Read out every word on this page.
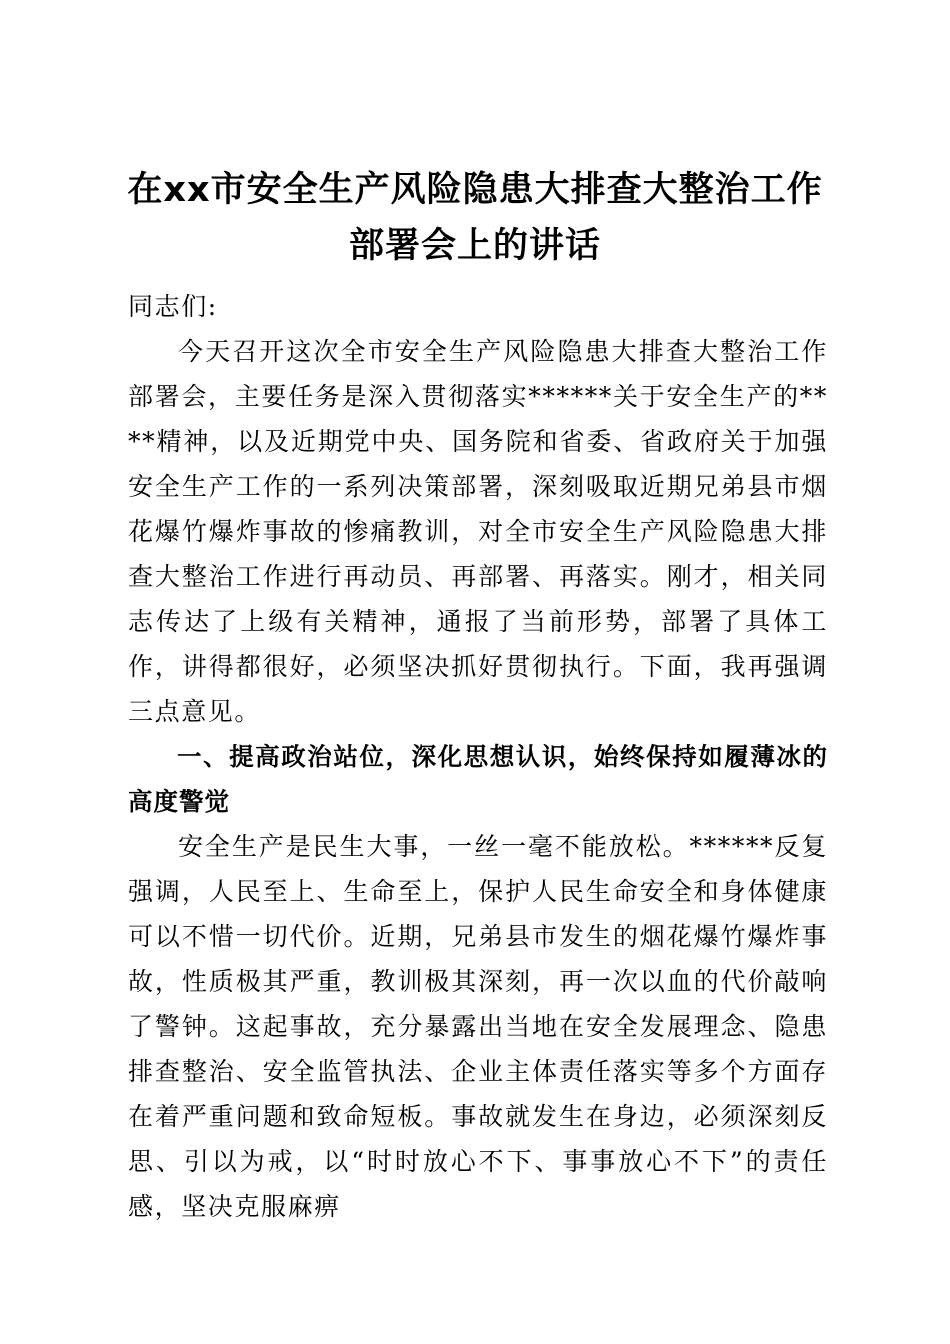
在xx市安全生产风险隐患大排查大整治工作
部署会上的讲话

同志们:

今天召开这次全市安全生产风险隐患大排查大整治工作部署会，主要任务是深入贯彻落实******关于安全生产的****精神，以及近期党中央、国务院和省委、省政府关于加强安全生产工作的一系列决策部署，深刻吸取近期兄弟县市烟花爆竹爆炸事故的惨痛教训，对全市安全生产风险隐患大排查大整治工作进行再动员、再部署、再落实。刚才，相关同志传达了上级有关精神，通报了当前形势，部署了具体工作，讲得都很好，必须坚决抓好贯彻执行。下面，我再强调三点意见。

一、提高政治站位，深化思想认识，始终保持如履薄冰的高度警觉

安全生产是民生大事，一丝一毫不能放松。******反复强调，人民至上、生命至上，保护人民生命安全和身体健康可以不惜一切代价。近期，兄弟县市发生的烟花爆竹爆炸事故，性质极其严重，教训极其深刻，再一次以血的代价敲响了警钟。这起事故，充分暴露出当地在安全发展理念、隐患排查整治、安全监管执法、企业主体责任落实等多个方面存在着严重问题和致命短板。事故就发生在身边，必须深刻反思、引以为戒，以“时时放心不下、事事放心不下”的责任感，坚决克服麻痹
